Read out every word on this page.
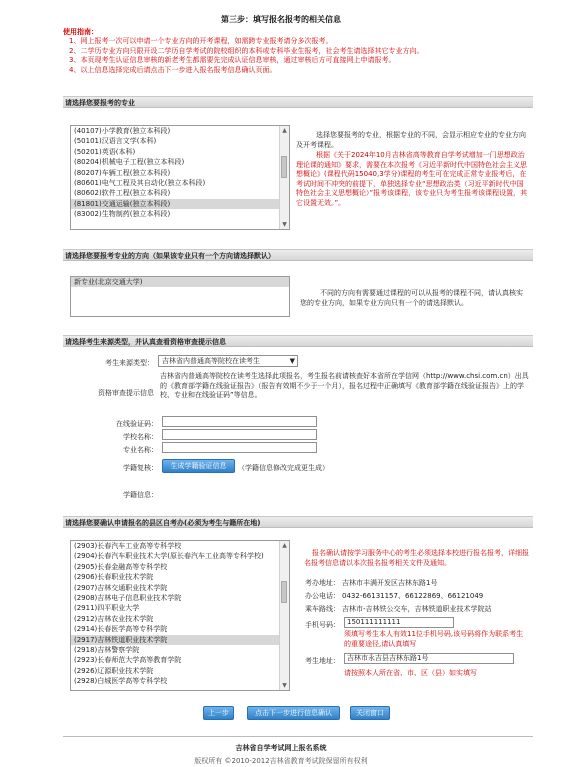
第三步：填写报名报考的相关信息
使用指南：
1、网上报考一次可以申请一个专业方向的开考课程，如需跨专业报考请分多次报考。
2、二学历专业方向只限开设二学历自学考试的院校组织的本科或专科毕业生报考，社会考生请选择其它专业方向。
3、本页现考生认证信息审核的新老考生都需要先完成认证信息审核，通过审核后方可直接网上申请报考。
4、以上信息选择完成后请点击下一步进入报名报考信息确认页面。
请选择您要报考的专业
(40107)小学教育(独立本科段)
(50101)汉语言文学(本科)
(50201)英语(本科)
(80204)机械电子工程(独立本科段)
(80207)车辆工程(独立本科段)
(80601)电气工程及其自动化(独立本科段)
(80602)软件工程(独立本科段)
(81801)交通运输(独立本科段)
(83002)生物制药(独立本科段)
▲
▼
选择您要报考的专业，根据专业的不同，会显示相应专业的专业方向及开考课程。
根据《关于2024年10月吉林省高等教育自学考试增加一门思想政治理论课的通知》要求，需要在本次报考《习近平新时代中国特色社会主义思想概论》(课程代码15040,3学分)课程的考生可在完成正常专业报考后，在考试时间不冲突的前提下，单独选择专业“思想政治类（习近平新时代中国特色社会主义思想概论）”报考该课程，该专业只为考生报考该课程设置，其它设置无效。”。
请选择您要报考专业的方向（如果该专业只有一个方向请选择默认）
新专业(北京交通大学)
不同的方向有需要通过课程的可以从报考的课程不同，请认真核实您的专业方向，如果专业方向只有一个的请选择默认。
请选择考生来源类型，并认真查看资格审查提示信息
考生来源类型：	吉林省内普通高等院校在读考生	▼
资格审查提示信息
吉林省内普通高等院校在读考生选择此项报名，考生报名前请核查好本省所在学信网（http://www.chsi.com.cn）出具的《教育部学籍在线验证报告》（报告有效期不少于一个月），报名过程中正确填写《教育部学籍在线验证报告》上的学校、专业和在线验证码”等信息。
在线验证码：
学校名称：
专业名称：
学籍复核：	生成学籍验证信息	（学籍信息修改完成更生成）
学籍信息：
请选择您要确认申请报名的县区自考办(必须为考生与籍所在地)
(2903)长春汽车工业高等专科学校
(2904)长春汽车职业技术大学(原长春汽车工业高等专科学校)
(2905)长春金融高等专科学校
(2906)长春职业技术学院
(2907)吉林交通职业技术学院
(2908)吉林电子信息职业技术学院
(2911)四平职业大学
(2912)吉林农业技术学院
(2914)长春医学高等专科学院
(2917)吉林铁道职业技术学院
(2918)吉林警察学院
(2923)长春师范大学高等教育学院
(2926)辽源职业技术学院
(2928)白城医学高等专科学校
▲
▼
报名确认请按学习服务中心的考生必须选择本校进行报名报考，详细报名报考信息请以本次报名报考相关文件及通知。
考办地址： 吉林市丰满开发区吉林东路1号
办公电话： 0432-66131157、66122869、66121049
乘车路线： 吉林市-吉林铁公交车，吉林铁道职业技术学院站
手机号码：	150111111111
须填写考生本人有效11位手机号码,该号码将作为联系考生的重要途径,请认真填写
考生地址：	吉林市永吉县吉林东路1号
请按照本人所在省、市、区（县）如实填写
上一步	点击下一步进行信息确认	关闭窗口
吉林省自学考试网上报名系统
版权所有 ©2010-2012吉林省教育考试院保留所有权利
